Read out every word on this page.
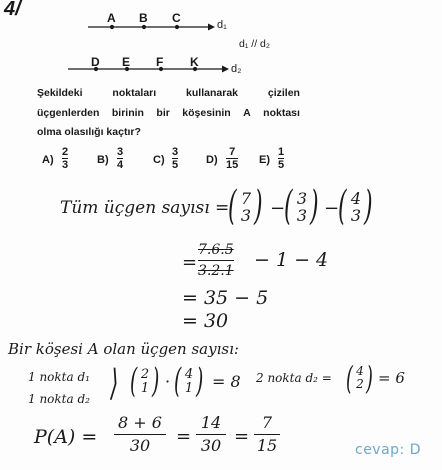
4/	A B C	d₁
d₁ // d₂
D E F K	d₂
Şekildeki	noktaları	kullanarak	çizilen
üçgenlerden birinin bir köşesinin A noktası
olma olasılığı kaçtır?
A)
2
3	B)
3
4	C)
3
5	D)
7
15 E)
1
5
Tüm üçgen sayısı =
( 7
3 ) −
( 3
3 ) −
( 4
3 )
=
7.6.5
3.2.1 − 1 − 4
= 35 − 5
= 30
Bir köşesi A olan üçgen sayısı:
1 nokta d₁
1 nokta d₂ ⟩ ( 2
1 ) · ( 4
1 ) = 8 2 nokta d₂ = ( 4
2 ) = 6
P(A) =
8 + 6
30	=
14
30 =
7
15	cevap: D
